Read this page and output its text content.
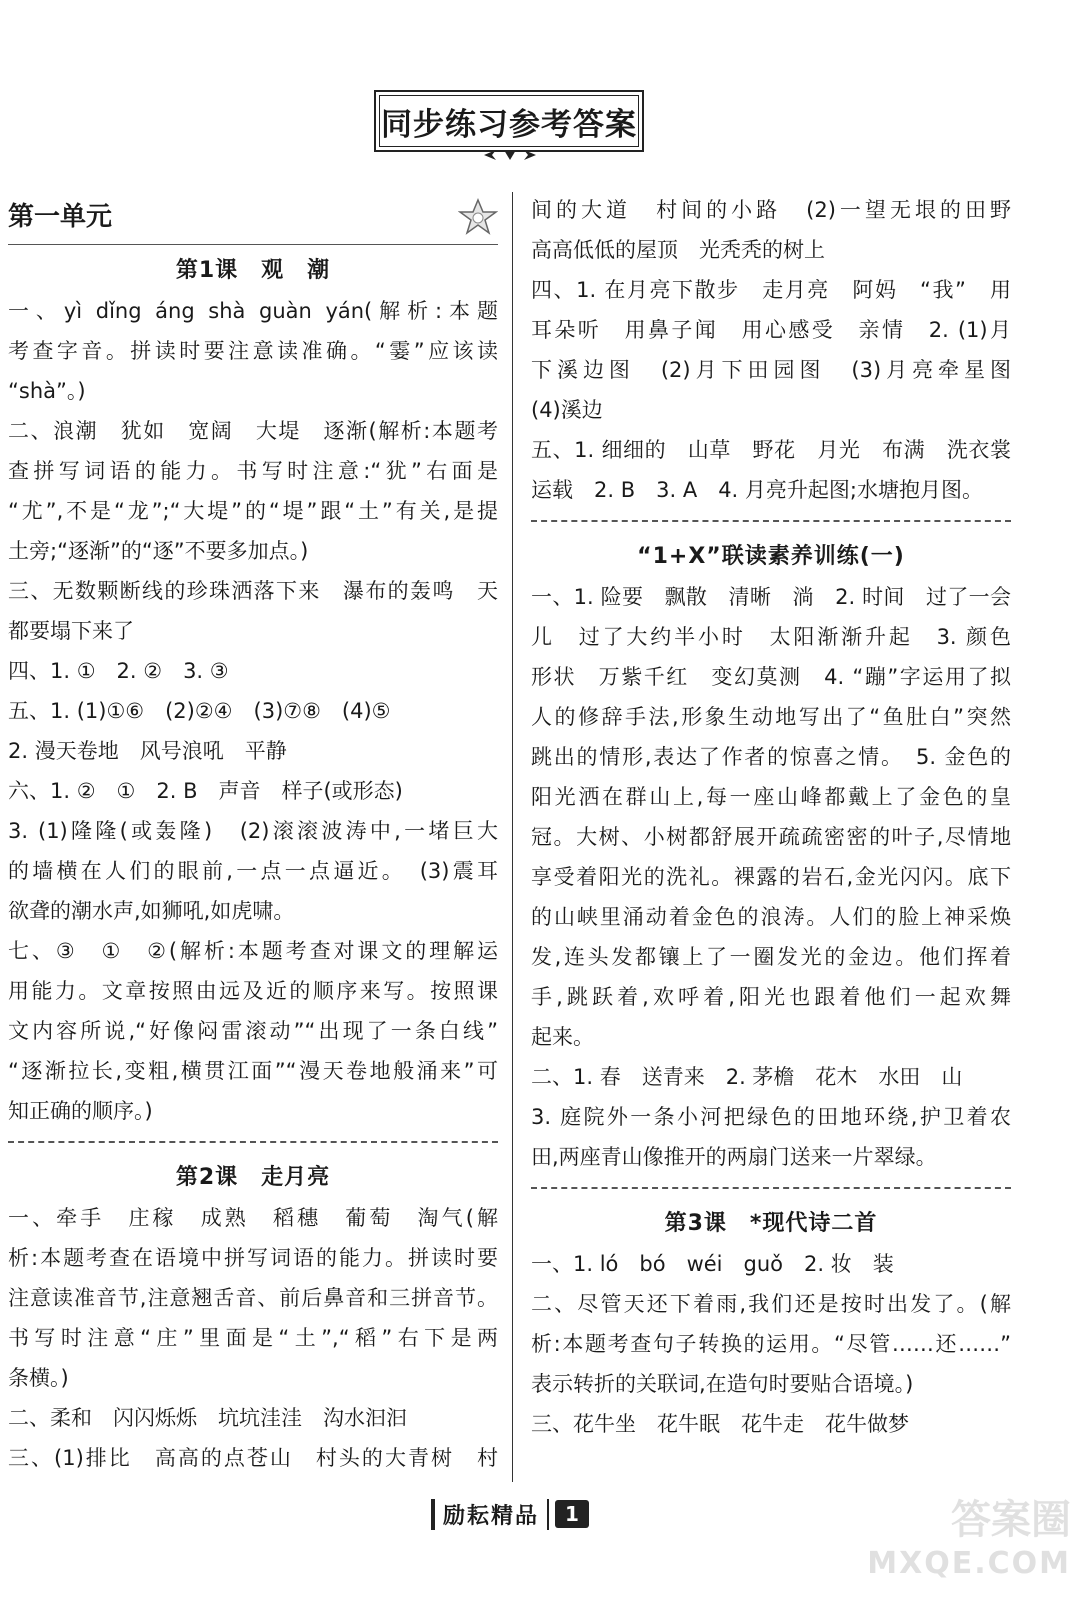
同步练习参考答案
第一单元
第1课　观　潮
一、yì dǐng áng shà guàn yán(解析:本题
考查字音。拼读时要注意读准确。“霎”应该读
“shà”。)
二、浪潮　犹如　宽阔　大堤　逐渐(解析:本题考
查拼写词语的能力。书写时注意:“犹”右面是
“尤”,不是“龙”;“大堤”的“堤”跟“土”有关,是提
土旁;“逐渐”的“逐”不要多加点。)
三、无数颗断线的珍珠洒落下来　瀑布的轰鸣　天
都要塌下来了
四、1. ①　2. ②　3. ③
五、1. (1)①⑥　(2)②④　(3)⑦⑧　(4)⑤
2. 漫天卷地　风号浪吼　平静
六、1. ②　①　2. B　声音　样子(或形态)
3. (1)隆隆(或轰隆)　(2)滚滚波涛中,一堵巨大
的墙横在人们的眼前,一点一点逼近。　(3)震耳
欲聋的潮水声,如狮吼,如虎啸。
七、③　①　②(解析:本题考查对课文的理解运
用能力。文章按照由远及近的顺序来写。按照课
文内容所说,“好像闷雷滚动”“出现了一条白线”
“逐渐拉长,变粗,横贯江面”“漫天卷地般涌来”可
知正确的顺序。)
第2课　走月亮
一、牵手　庄稼　成熟　稻穗　葡萄　淘气(解
析:本题考查在语境中拼写词语的能力。拼读时要
注意读准音节,注意翘舌音、前后鼻音和三拼音节。
书写时注意“庄”里面是“土”,“稻”右下是两
条横。)
二、柔和　闪闪烁烁　坑坑洼洼　沟水汩汩
三、(1)排比　高高的点苍山　村头的大青树　村
间的大道　村间的小路　(2)一望无垠的田野
高高低低的屋顶　光秃秃的树上
四、1. 在月亮下散步　走月亮　阿妈　“我”　用
耳朵听　用鼻子闻　用心感受　亲情　2. (1)月
下溪边图　(2)月下田园图　(3)月亮牵星图
(4)溪边
五、1. 细细的　山草　野花　月光　布满　洗衣裳
运载　2. B　3. A　4. 月亮升起图;水塘抱月图。
“1+X”联读素养训练(一)
一、1. 险要　飘散　清晰　淌　2. 时间　过了一会
儿　过了大约半小时　太阳渐渐升起　3. 颜色
形状　万紫千红　变幻莫测　4. “蹦”字运用了拟
人的修辞手法,形象生动地写出了“鱼肚白”突然
跳出的情形,表达了作者的惊喜之情。　5. 金色的
阳光洒在群山上,每一座山峰都戴上了金色的皇
冠。大树、小树都舒展开疏疏密密的叶子,尽情地
享受着阳光的洗礼。裸露的岩石,金光闪闪。底下
的山峡里涌动着金色的浪涛。人们的脸上神采焕
发,连头发都镶上了一圈发光的金边。他们挥着
手,跳跃着,欢呼着,阳光也跟着他们一起欢舞
起来。
二、1. 春　送青来　2. 茅檐　花木　水田　山
3. 庭院外一条小河把绿色的田地环绕,护卫着农
田,两座青山像推开的两扇门送来一片翠绿。
第3课　*现代诗二首
一、1. ló　bó　wéi　guǒ　2. 妆　装
二、尽管天还下着雨,我们还是按时出发了。(解
析:本题考查句子转换的运用。“尽管……还……”
表示转折的关联词,在造句时要贴合语境。)
三、花牛坐　花牛眠　花牛走　花牛做梦
励耘精品	1	答案圈
MXQE.COM
